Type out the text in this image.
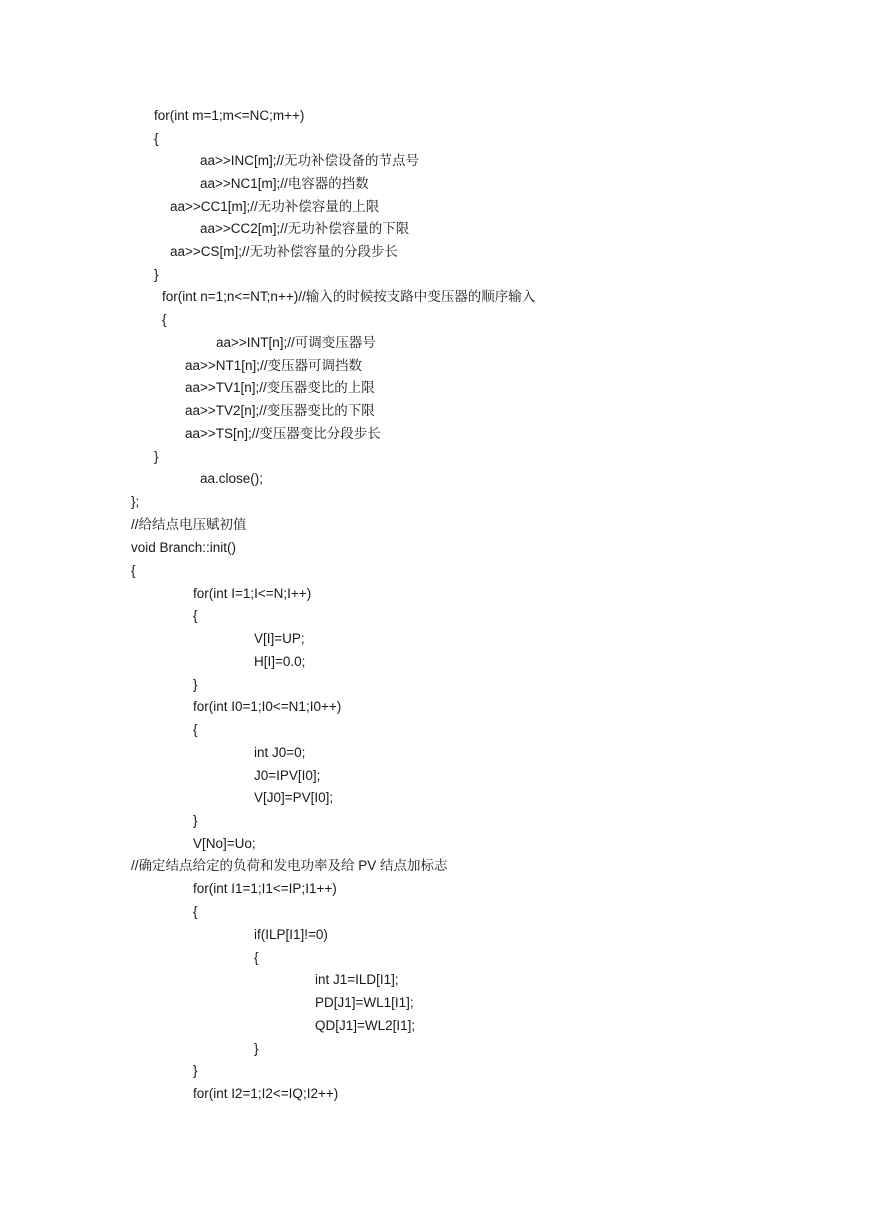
for(int m=1;m<=NC;m++)
{
aa>>INC[m];//无功补偿设备的节点号
aa>>NC1[m];//电容器的挡数
aa>>CC1[m];//无功补偿容量的上限
aa>>CC2[m];//无功补偿容量的下限
aa>>CS[m];//无功补偿容量的分段步长
}
for(int n=1;n<=NT;n++)//输入的时候按支路中变压器的顺序输入
{
aa>>INT[n];//可调变压器号
aa>>NT1[n];//变压器可调挡数
aa>>TV1[n];//变压器变比的上限
aa>>TV2[n];//变压器变比的下限
aa>>TS[n];//变压器变比分段步长
}
aa.close();
};
//给结点电压赋初值
void Branch::init()
{
for(int I=1;I<=N;I++)
{
V[I]=UP;
H[I]=0.0;
}
for(int I0=1;I0<=N1;I0++)
{
int J0=0;
J0=IPV[I0];
V[J0]=PV[I0];
}
V[No]=Uo;
//确定结点给定的负荷和发电功率及给 PV 结点加标志
for(int I1=1;I1<=IP;I1++)
{
if(ILP[I1]!=0)
{
int J1=ILD[I1];
PD[J1]=WL1[I1];
QD[J1]=WL2[I1];
}
}
for(int I2=1;I2<=IQ;I2++)
